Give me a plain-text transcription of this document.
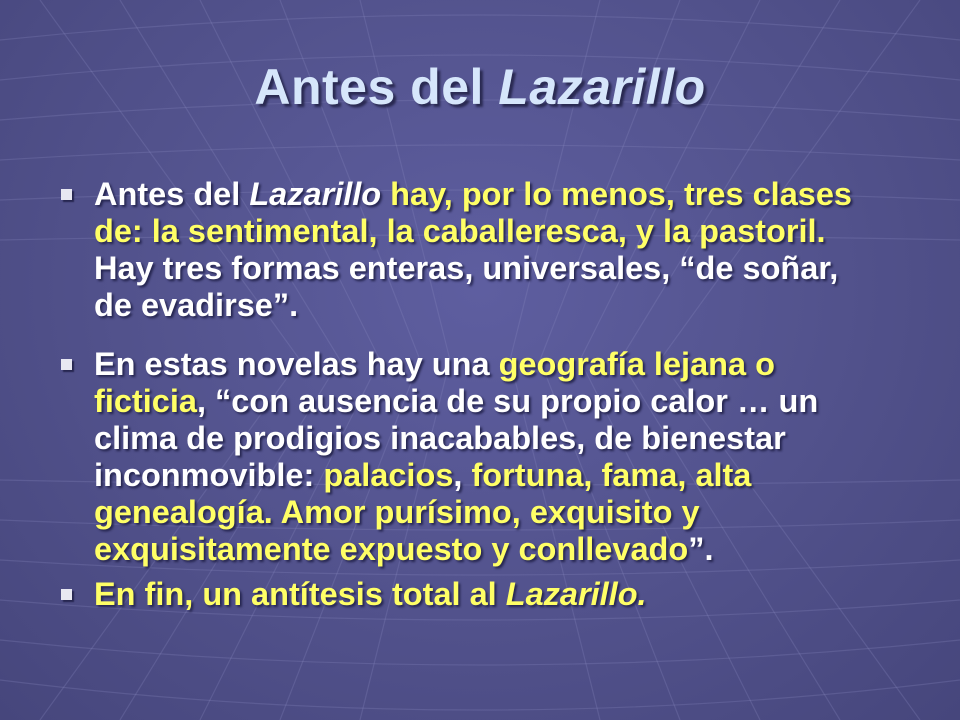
Antes del Lazarillo
Antes del Lazarillo hay, por lo menos, tres clases de: la sentimental, la caballeresca, y la pastoril. Hay tres formas enteras, universales, “de soñar, de evadirse”.
En estas novelas hay una geografía lejana o ficticia, “con ausencia de su propio calor … un clima de prodigios inacabables, de bienestar inconmovible: palacios, fortuna, fama, alta genealogía. Amor purísimo, exquisito y exquisitamente expuesto y conllevado”.
En fin, un antítesis total al Lazarillo.
